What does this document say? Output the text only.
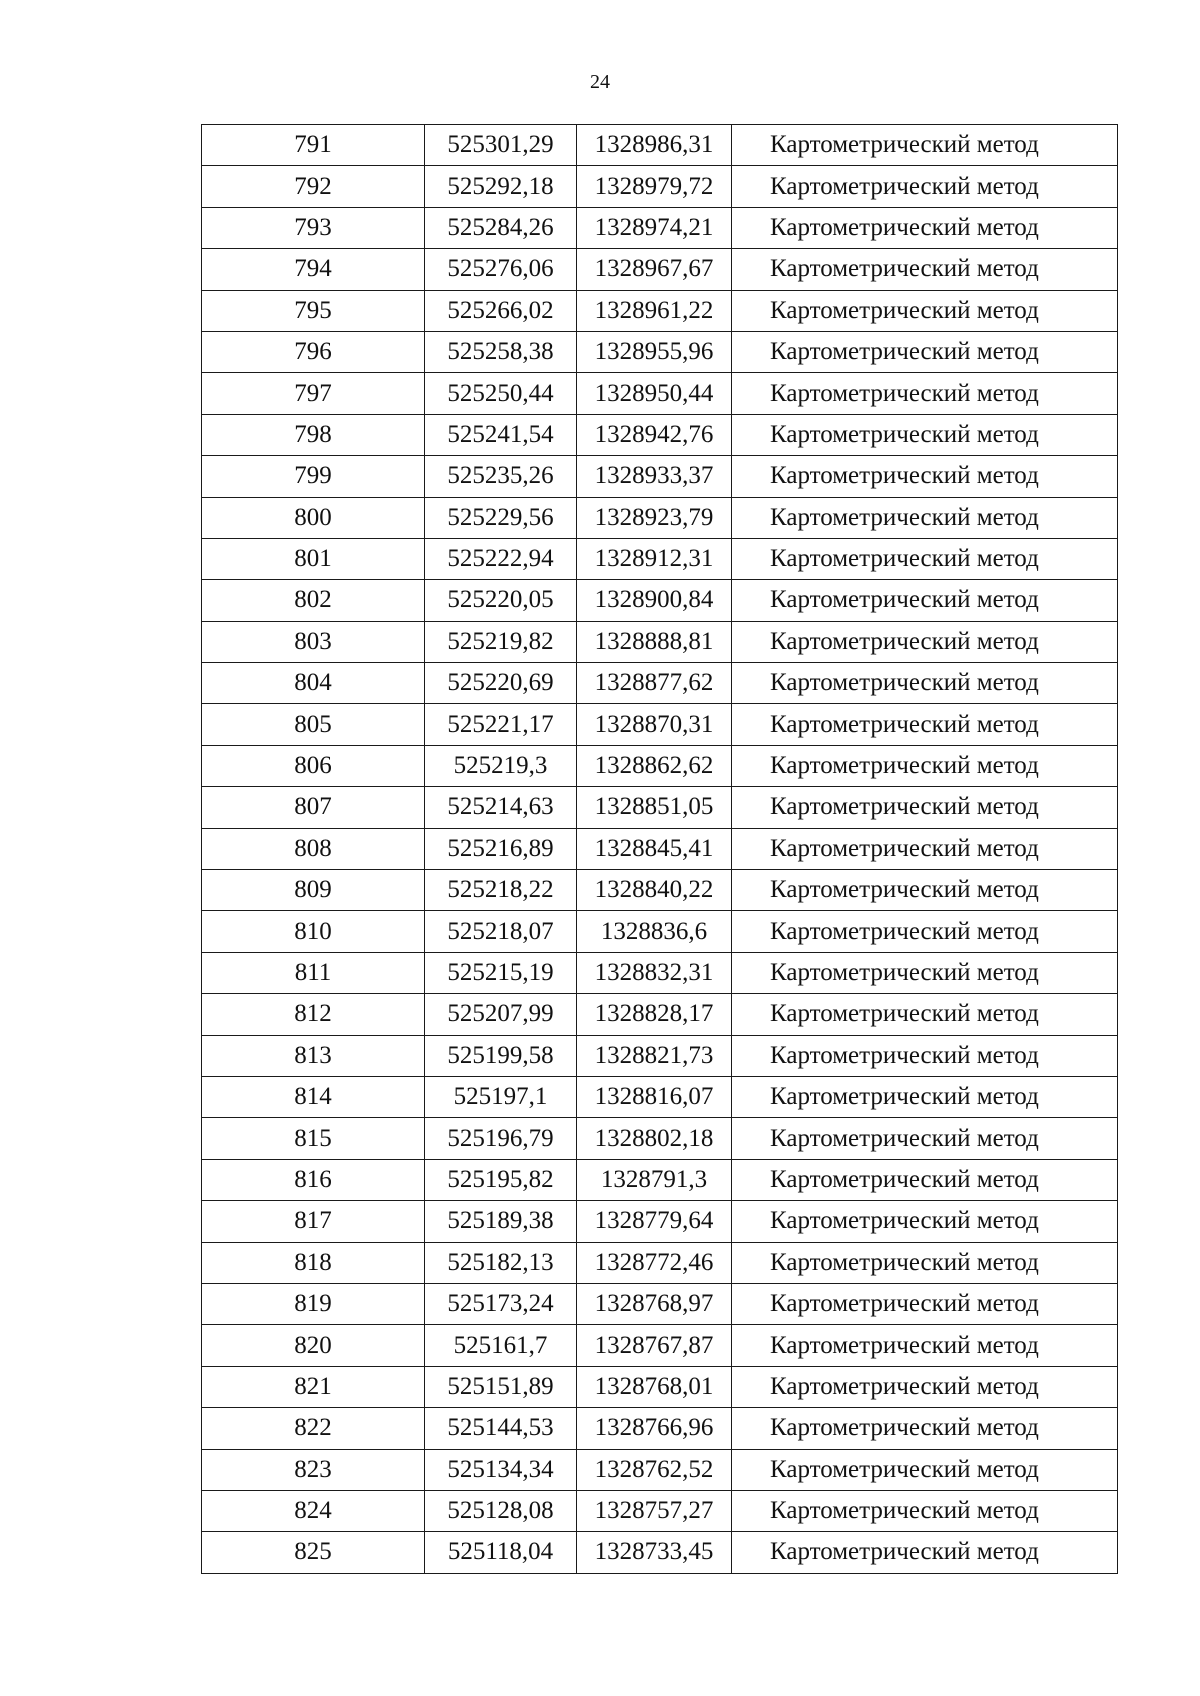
24
791	525301,29	1328986,31	Картометрический метод
792	525292,18	1328979,72	Картометрический метод
793	525284,26	1328974,21	Картометрический метод
794	525276,06	1328967,67	Картометрический метод
795	525266,02	1328961,22	Картометрический метод
796	525258,38	1328955,96	Картометрический метод
797	525250,44	1328950,44	Картометрический метод
798	525241,54	1328942,76	Картометрический метод
799	525235,26	1328933,37	Картометрический метод
800	525229,56	1328923,79	Картометрический метод
801	525222,94	1328912,31	Картометрический метод
802	525220,05	1328900,84	Картометрический метод
803	525219,82	1328888,81	Картометрический метод
804	525220,69	1328877,62	Картометрический метод
805	525221,17	1328870,31	Картометрический метод
806	525219,3	1328862,62	Картометрический метод
807	525214,63	1328851,05	Картометрический метод
808	525216,89	1328845,41	Картометрический метод
809	525218,22	1328840,22	Картометрический метод
810	525218,07	1328836,6	Картометрический метод
811	525215,19	1328832,31	Картометрический метод
812	525207,99	1328828,17	Картометрический метод
813	525199,58	1328821,73	Картометрический метод
814	525197,1	1328816,07	Картометрический метод
815	525196,79	1328802,18	Картометрический метод
816	525195,82	1328791,3	Картометрический метод
817	525189,38	1328779,64	Картометрический метод
818	525182,13	1328772,46	Картометрический метод
819	525173,24	1328768,97	Картометрический метод
820	525161,7	1328767,87	Картометрический метод
821	525151,89	1328768,01	Картометрический метод
822	525144,53	1328766,96	Картометрический метод
823	525134,34	1328762,52	Картометрический метод
824	525128,08	1328757,27	Картометрический метод
825	525118,04	1328733,45	Картометрический метод
